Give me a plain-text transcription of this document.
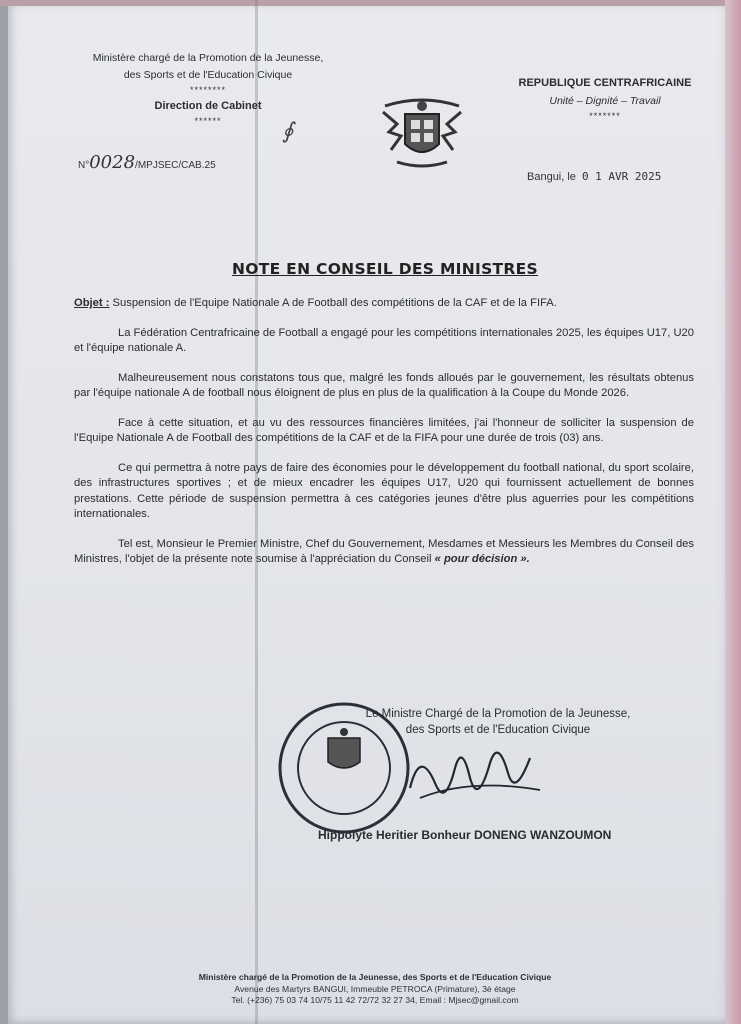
Ministère chargé de la Promotion de la Jeunesse,
des Sports et de l'Education Civique
********
Direction de Cabinet
******	∮
N°0028/MPJSEC/CAB.25
REPUBLIQUE CENTRAFRICAINE
Unité – Dignité – Travail
*******
Bangui, le 0 1 AVR 2025
NOTE EN CONSEIL DES MINISTRES

Objet : Suspension de l'Equipe Nationale A de Football des compétitions de la CAF et de la FIFA.

La Fédération Centrafricaine de Football a engagé pour les compétitions internationales 2025, les équipes U17, U20 et l'équipe nationale A.

Malheureusement nous constatons tous que, malgré les fonds alloués par le gouvernement, les résultats obtenus par l'équipe nationale A de football nous éloignent de plus en plus de la qualification à la Coupe du Monde 2026.

Face à cette situation, et au vu des ressources financières limitées, j'ai l'honneur de solliciter la suspension de l'Equipe Nationale A de Football des compétitions de la CAF et de la FIFA pour une durée de trois (03) ans.

Ce qui permettra à notre pays de faire des économies pour le développement du football national, du sport scolaire, des infrastructures sportives ; et de mieux encadrer les équipes U17, U20 qui fournissent actuellement de bonnes prestations. Cette période de suspension permettra à ces catégories jeunes d'être plus aguerries pour les compétitions internationales.

Tel est, Monsieur le Premier Ministre, Chef du Gouvernement, Mesdames et Messieurs les Membres du Conseil des Ministres, l'objet de la présente note soumise à l'appréciation du Conseil « pour décision ».

Le Ministre Chargé de la Promotion de la Jeunesse,
des Sports et de l'Education Civique
Hippolyte Heritier Bonheur DONENG WANZOUMON
Ministère chargé de la Promotion de la Jeunesse, des Sports et de l'Education Civique
Avenue des Martyrs BANGUI, Immeuble PETROCA (Primature), 3è étage
Tel. (+236) 75 03 74 10/75 11 42 72/72 32 27 34, Email : Mjsec@gmail.com
